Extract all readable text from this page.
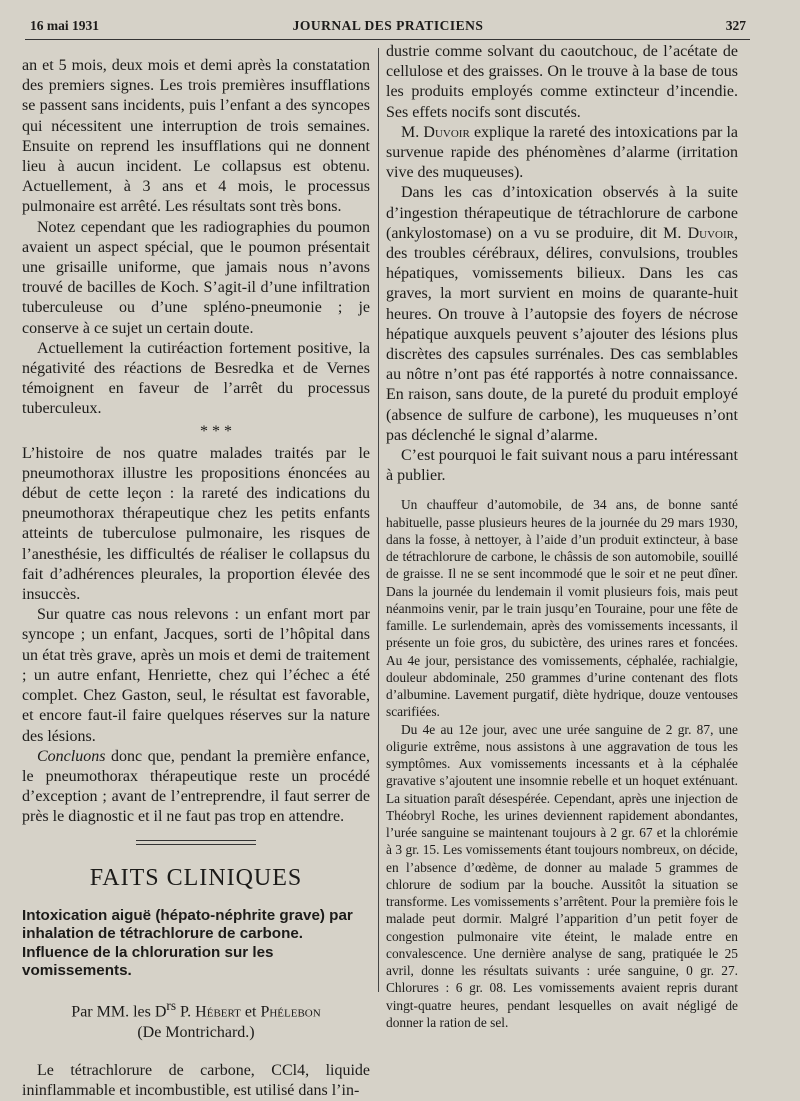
16 mai 1931	JOURNAL DES PRATICIENS	327

an et 5 mois, deux mois et demi après la constatation des premiers signes. Les trois premières insufflations se passent sans incidents, puis l’enfant a des syncopes qui nécessitent une interruption de trois semaines. Ensuite on reprend les insufflations qui ne donnent lieu à aucun incident. Le collapsus est obtenu. Actuellement, à 3 ans et 4 mois, le processus pulmonaire est arrêté. Les résultats sont très bons.

Notez cependant que les radiographies du poumon avaient un aspect spécial, que le poumon présentait une grisaille uniforme, que jamais nous n’avons trouvé de bacilles de Koch. S’agit-il d’une infiltration tuberculeuse ou d’une spléno-pneumonie ; je conserve à ce sujet un certain doute.

Actuellement la cutiréaction fortement positive, la négativité des réactions de Besredka et de Vernes témoignent en faveur de l’arrêt du processus tuberculeux.

* * *

L’histoire de nos quatre malades traités par le pneumothorax illustre les propositions énoncées au début de cette leçon : la rareté des indications du pneumothorax thérapeutique chez les petits enfants atteints de tuberculose pulmonaire, les risques de l’anesthésie, les difficultés de réaliser le collapsus du fait d’adhérences pleurales, la proportion élevée des insuccès.

Sur quatre cas nous relevons : un enfant mort par syncope ; un enfant, Jacques, sorti de l’hôpital dans un état très grave, après un mois et demi de traitement ; un autre enfant, Henriette, chez qui l’échec a été complet. Chez Gaston, seul, le résultat est favorable, et encore faut-il faire quelques réserves sur la nature des lésions.

Concluons donc que, pendant la première enfance, le pneumothorax thérapeutique reste un procédé d’exception ; avant de l’entreprendre, il faut serrer de près le diagnostic et il ne faut pas trop en attendre.

FAITS CLINIQUES
Intoxication aiguë (hépato-néphrite grave) par inhalation de tétrachlorure de carbone. Influence de la chloruration sur les vomissements.
Par MM. les $D^{rs}$ P. Hébert et Phélebon
(De Montrichard.)

Le tétrachlorure de carbone, CCl4, liquide ininflammable et incombustible, est utilisé dans l’in-

dustrie comme solvant du caoutchouc, de l’acétate de cellulose et des graisses. On le trouve à la base de tous les produits employés comme extincteur d’incendie. Ses effets nocifs sont discutés.

M. Duvoir explique la rareté des intoxications par la survenue rapide des phénomènes d’alarme (irritation vive des muqueuses).

Dans les cas d’intoxication observés à la suite d’ingestion thérapeutique de tétrachlorure de carbone (ankylostomase) on a vu se produire, dit M. Duvoir, des troubles cérébraux, délires, convulsions, troubles hépatiques, vomissements bilieux. Dans les cas graves, la mort survient en moins de quarante-huit heures. On trouve à l’autopsie des foyers de nécrose hépatique auxquels peuvent s’ajouter des lésions plus discrètes des capsules surrénales. Des cas semblables au nôtre n’ont pas été rapportés à notre connaissance. En raison, sans doute, de la pureté du produit employé (absence de sulfure de carbone), les muqueuses n’ont pas déclenché le signal d’alarme.

C’est pourquoi le fait suivant nous a paru intéressant à publier.

Un chauffeur d’automobile, de 34 ans, de bonne santé habituelle, passe plusieurs heures de la journée du 29 mars 1930, dans la fosse, à nettoyer, à l’aide d’un produit extincteur, à base de tétrachlorure de carbone, le châssis de son automobile, souillé de graisse. Il ne se sent incommodé que le soir et ne peut dîner. Dans la journée du lendemain il vomit plusieurs fois, mais peut néanmoins venir, par le train jusqu’en Touraine, pour une fête de famille. Le surlendemain, après des vomissements incessants, il présente un foie gros, du subictère, des urines rares et foncées. Au 4e jour, persistance des vomissements, céphalée, rachialgie, douleur abdominale, 250 grammes d’urine contenant des flots d’albumine. Lavement purgatif, diète hydrique, douze ventouses scarifiées.

Du 4e au 12e jour, avec une urée sanguine de 2 gr. 87, une oligurie extrême, nous assistons à une aggravation de tous les symptômes. Aux vomissements incessants et à la céphalée gravative s’ajoutent une insomnie rebelle et un hoquet exténuant. La situation paraît désespérée. Cependant, après une injection de Théobryl Roche, les urines deviennent rapidement abondantes, l’urée sanguine se maintenant toujours à 2 gr. 67 et la chlorémie à 3 gr. 15. Les vomissements étant toujours nombreux, on décide, en l’absence d’œdème, de donner au malade 5 grammes de chlorure de sodium par la bouche. Aussitôt la situation se transforme. Les vomissements s’arrêtent. Pour la première fois le malade peut dormir. Malgré l’apparition d’un petit foyer de congestion pulmonaire vite éteint, le malade entre en convalescence. Une dernière analyse de sang, pratiquée le 25 avril, donne les résultats suivants : urée sanguine, 0 gr. 27. Chlorures : 6 gr. 08. Les vomissements avaient repris durant vingt-quatre heures, pendant lesquelles on avait négligé de donner la ration de sel.
